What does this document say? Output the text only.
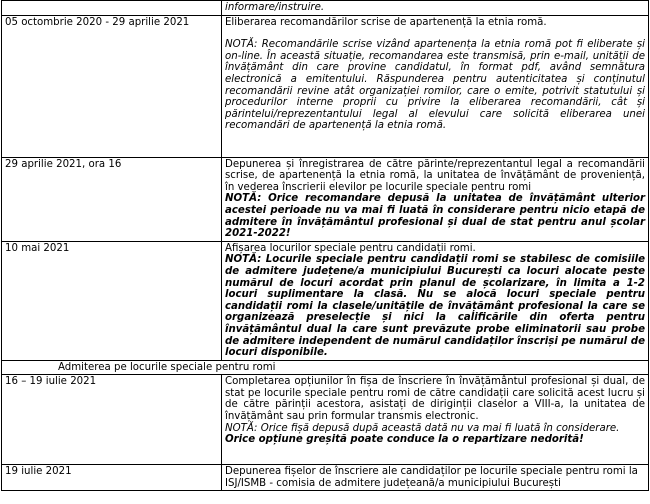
	informare/instruire.
05 octombrie 2020 - 29 aprilie 2021	Eliberarea recomandărilor scrise de apartenență la etnia romă.

NOTĂ: Recomandările scrise vizând apartenența la etnia romă pot fi eliberate și on-line. În această situație, recomandarea este transmisă, prin e-mail, unității de învățământ din care provine candidatul, în format pdf, având semnătura electronică a emitentului. Răspunderea pentru autenticitatea și conținutul recomandării revine atât organizației romilor, care o emite, potrivit statutului și procedurilor interne proprii cu privire la eliberarea recomandării, cât și părintelui/reprezentantului legal al elevului care solicită eliberarea unei recomandări de apartenență la etnia romă.

29 aprilie 2021, ora 16	Depunerea și înregistrarea de către părinte/reprezentantul legal a recomandării scrise, de apartenență la etnia romă, la unitatea de învățământ de proveniență, în vederea înscrierii elevilor pe locurile speciale pentru romi

NOTĂ: Orice recomandare depusă la unitatea de învățământ ulterior acestei perioade nu va mai fi luată în considerare pentru nicio etapă de admitere în învățământul profesional și dual de stat pentru anul școlar 2021-2022!

10 mai 2021	Afișarea locurilor speciale pentru candidații romi.

NOTĂ: Locurile speciale pentru candidații romi se stabilesc de comisiile de admitere județene/a municipiului București ca locuri alocate peste numărul de locuri acordat prin planul de școlarizare, în limita a 1-2 locuri suplimentare la clasă. Nu se alocă locuri speciale pentru candidații romi la clasele/unitățile de învățământ profesional la care se organizează preselecție și nici la calificările din oferta pentru învățământul dual la care sunt prevăzute probe eliminatorii sau probe de admitere independent de numărul candidaților înscriși pe numărul de locuri disponibile.

Admiterea pe locurile speciale pentru romi	
16 – 19 iulie 2021	Completarea opțiunilor în fișa de înscriere în învățământul profesional și dual, de stat pe locurile speciale pentru romi de către candidații care solicită acest lucru și de către părinții acestora, asistați de diriginții claselor a VIII-a, la unitatea de învățământ sau prin formular transmis electronic.

NOTĂ: Orice fișă depusă după această dată nu va mai fi luată în considerare.

Orice opțiune greșită poate conduce la o repartizare nedorită!

19 iulie 2021	Depunerea fișelor de înscriere ale candidaților pe locurile speciale pentru romi la ISJ/ISMB - comisia de admitere județeană/a municipiului București
